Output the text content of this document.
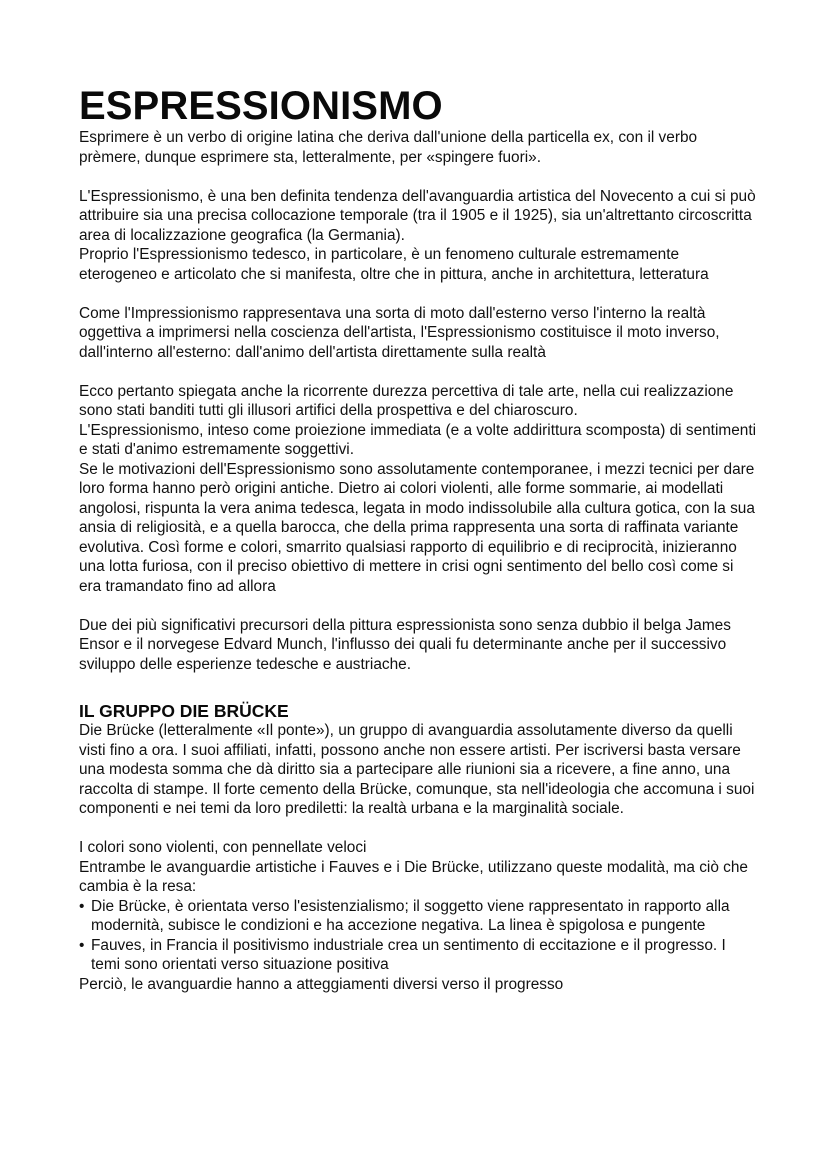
ESPRESSIONISMO

Esprimere è un verbo di origine latina che deriva dall'unione della particella ex, con il verbo prèmere, dunque esprimere sta, letteralmente, per «spingere fuori».

L'Espressionismo, è una ben definita tendenza dell'avanguardia artistica del Novecento a cui si può attribuire sia una precisa collocazione temporale (tra il 1905 e il 1925), sia un'altrettanto circoscritta area di localizzazione geografica (la Germania).

Proprio l'Espressionismo tedesco, in particolare, è un fenomeno culturale estremamente eterogeneo e articolato che si manifesta, oltre che in pittura, anche in architettura, letteratura

Come l'Impressionismo rappresentava una sorta di moto dall'esterno verso l'interno la realtà oggettiva a imprimersi nella coscienza dell'artista, l'Espressionismo costituisce il moto inverso, dall'interno all'esterno: dall'animo dell'artista direttamente sulla realtà

Ecco pertanto spiegata anche la ricorrente durezza percettiva di tale arte, nella cui realizzazione sono stati banditi tutti gli illusori artifici della prospettiva e del chiaroscuro.

L'Espressionismo, inteso come proiezione immediata (e a volte addirittura scomposta) di sentimenti e stati d'animo estremamente soggettivi.

Se le motivazioni dell'Espressionismo sono assolutamente contemporanee, i mezzi tecnici per dare loro forma hanno però origini antiche. Dietro ai colori violenti, alle forme sommarie, ai modellati angolosi, rispunta la vera anima tedesca, legata in modo indissolubile alla cultura gotica, con la sua ansia di religiosità, e a quella barocca, che della prima rappresenta una sorta di raffinata variante evolutiva. Così forme e colori, smarrito qualsiasi rapporto di equilibrio e di reciprocità, inizieranno una lotta furiosa, con il preciso obiettivo di mettere in crisi ogni sentimento del bello così come si era tramandato fino ad allora

Due dei più significativi precursori della pittura espressionista sono senza dubbio il belga James Ensor e il norvegese Edvard Munch, l'influsso dei quali fu determinante anche per il successivo sviluppo delle esperienze tedesche e austriache.

IL GRUPPO DIE BRÜCKE

Die Brücke (letteralmente «Il ponte»), un gruppo di avanguardia assolutamente diverso da quelli visti fino a ora. I suoi affiliati, infatti, possono anche non essere artisti. Per iscriversi basta versare una modesta somma che dà diritto sia a partecipare alle riunioni sia a ricevere, a fine anno, una raccolta di stampe. Il forte cemento della Brücke, comunque, sta nell'ideologia che accomuna i suoi componenti e nei temi da loro prediletti: la realtà urbana e la marginalità sociale.

I colori sono violenti, con pennellate veloci

Entrambe le avanguardie artistiche i Fauves e i Die Brücke, utilizzano queste modalità, ma ciò che cambia è la resa:

• Die Brücke, è orientata verso l'esistenzialismo; il soggetto viene rappresentato in rapporto alla modernità, subisce le condizioni e ha accezione negativa. La linea è spigolosa e pungente
• Fauves, in Francia il positivismo industriale crea un sentimento di eccitazione e il progresso. I temi sono orientati verso situazione positiva

Perciò, le avanguardie hanno a atteggiamenti diversi verso il progresso
